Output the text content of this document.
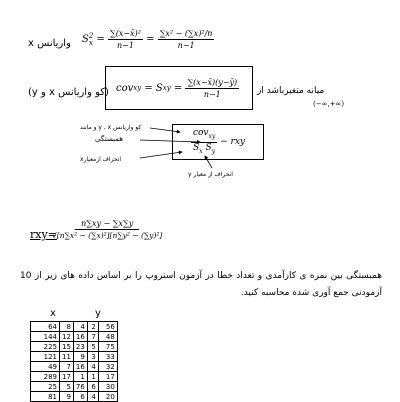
واریانس x $S_x^2 = \frac{\text{∑(x−x̄)²}}{n-1} = \frac{\text{∑x² − (∑x)²/n}}{n-1}$
(کو واریانس x و y) cov xy
= S xy
=
$\frac{\sum(x-x̄)(y-ȳ)}{n-1}$ میانه متغیرباشد از
(−∞,+∞)
$\frac{cov_{xy}}{S_x S_y}$
− rxy
کو واریانس y , x و مانند
همبستگی
انحراف ازمعیارx
انحراف از معیار y
rxy=
$\frac{n\sum xy - \sum x\sum y}{\text{√[n∑x² − (∑x)²][n∑y² − (∑y)²]}}$
همبستگی بین نمره ی کارآمدی و تعداد خطا در آزمون استروپ را بر اساس داده های زیر از 10 آزمودنی جمع آوری شده محاسبه کنید.
x	y
64	8	4	2	56
144	12	16	7	48
225	15	23	5	75
121	11	9	3	33
49	7	16	4	32
289	17	1	1	17
25	5	76	6	30
81	9	6	4	20
